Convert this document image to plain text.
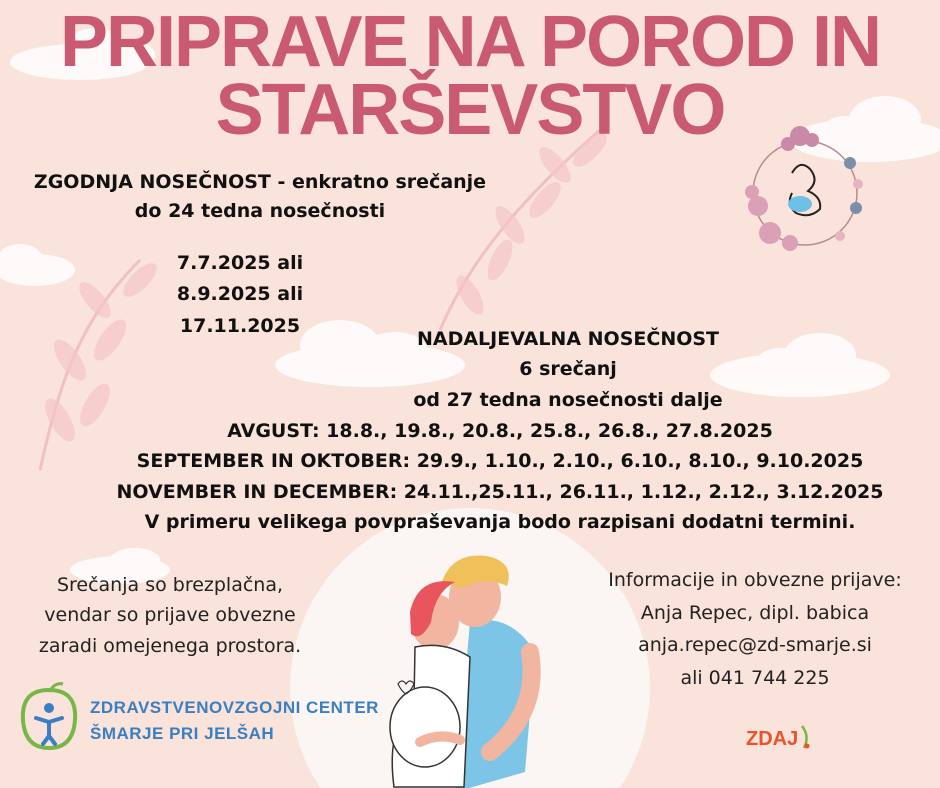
PRIPRAVE NA POROD IN
STARŠEVSTVO
ZGODNJA NOSEČNOST - enkratno srečanje
do 24 tedna nosečnosti
7.7.2025 ali
8.9.2025 ali
17.11.2025
NADALJEVALNA NOSEČNOST
6 srečanj
od 27 tedna nosečnosti dalje
AVGUST: 18.8., 19.8., 20.8., 25.8., 26.8., 27.8.2025
SEPTEMBER IN OKTOBER: 29.9., 1.10., 2.10., 6.10., 8.10., 9.10.2025
NOVEMBER IN DECEMBER: 24.11.,25.11., 26.11., 1.12., 2.12., 3.12.2025
V primeru velikega povpraševanja bodo razpisani dodatni termini.
Srečanja so brezplačna,
vendar so prijave obvezne
zaradi omejenega prostora.
Informacije in obvezne prijave:
Anja Repec, dipl. babica
anja.repec@zd-smarje.si
ali 041 744 225
ZDRAVSTVENOVZGOJNI CENTER
ŠMARJE PRI JELŠAH	ZDAJ
